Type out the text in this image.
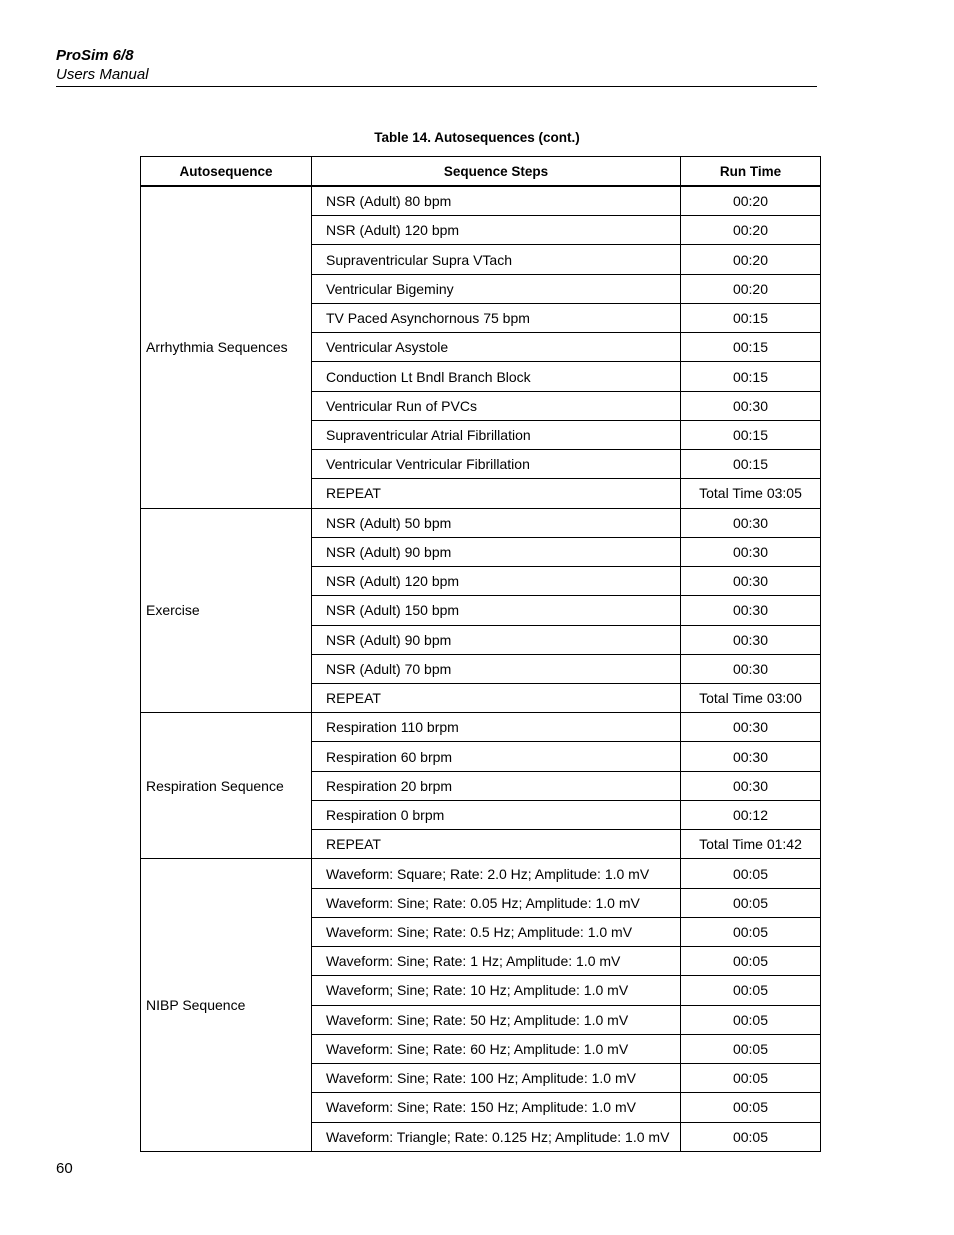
ProSim 6/8
Users Manual
Table 14. Autosequences (cont.)
Autosequence	Sequence Steps	Run Time
Arrhythmia Sequences	NSR (Adult) 80 bpm	00:20
	NSR (Adult) 120 bpm	00:20
	Supraventricular Supra VTach	00:20
	Ventricular Bigeminy	00:20
	TV Paced Asynchornous 75 bpm	00:15
	Ventricular Asystole	00:15
	Conduction Lt Bndl Branch Block	00:15
	Ventricular Run of PVCs	00:30
	Supraventricular Atrial Fibrillation	00:15
	Ventricular Ventricular Fibrillation	00:15
	REPEAT	Total Time 03:05
Exercise	NSR (Adult) 50 bpm	00:30
	NSR (Adult) 90 bpm	00:30
	NSR (Adult) 120 bpm	00:30
	NSR (Adult) 150 bpm	00:30
	NSR (Adult) 90 bpm	00:30
	NSR (Adult) 70 bpm	00:30
	REPEAT	Total Time 03:00
Respiration Sequence	Respiration 110 brpm	00:30
	Respiration 60 brpm	00:30
	Respiration 20 brpm	00:30
	Respiration 0 brpm	00:12
	REPEAT	Total Time 01:42
NIBP Sequence	Waveform: Square; Rate: 2.0 Hz; Amplitude: 1.0 mV	00:05
	Waveform: Sine; Rate: 0.05 Hz; Amplitude: 1.0 mV	00:05
	Waveform: Sine; Rate: 0.5 Hz; Amplitude: 1.0 mV	00:05
	Waveform: Sine; Rate: 1 Hz; Amplitude: 1.0 mV	00:05
	Waveform; Sine; Rate: 10 Hz; Amplitude: 1.0 mV	00:05
	Waveform: Sine; Rate: 50 Hz; Amplitude: 1.0 mV	00:05
	Waveform: Sine; Rate: 60 Hz; Amplitude: 1.0 mV	00:05
	Waveform: Sine; Rate: 100 Hz; Amplitude: 1.0 mV	00:05
	Waveform: Sine; Rate: 150 Hz; Amplitude: 1.0 mV	00:05
	Waveform: Triangle; Rate: 0.125 Hz; Amplitude: 1.0 mV	00:05
60
